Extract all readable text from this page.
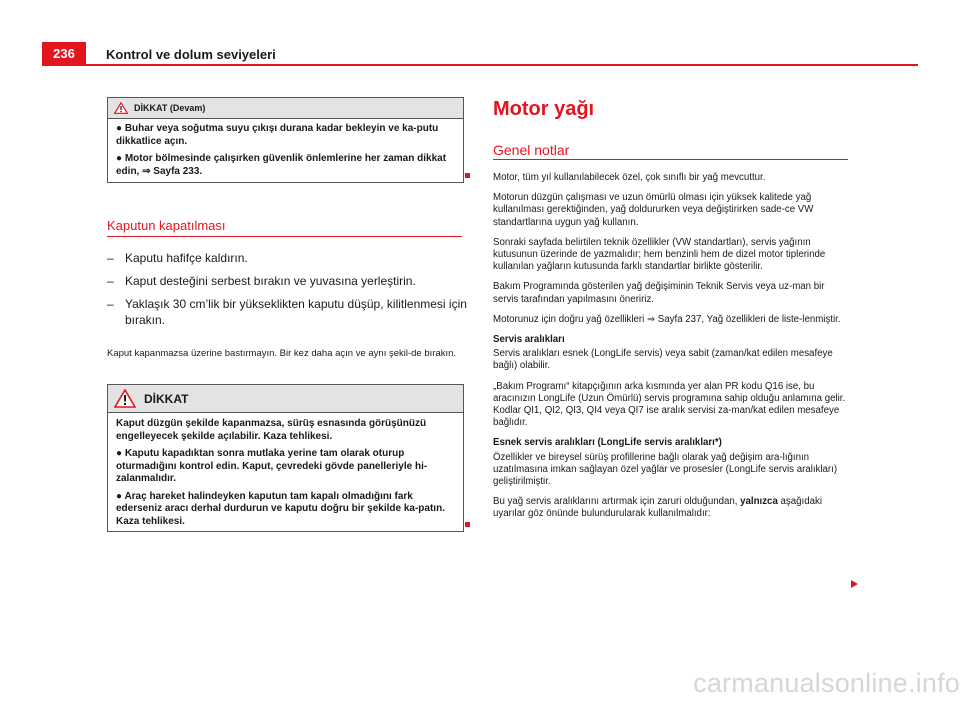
236	Kontrol ve dolum seviyeleri
DİKKAT (Devam)

● Buhar veya soğutma suyu çıkışı durana kadar bekleyin ve ka-putu dikkatlice açın.

● Motor bölmesinde çalışırken güvenlik önlemlerine her zaman dikkat edin, ⇒ Sayfa 233.

Kaputun kapatılması
– Kaputu hafifçe kaldırın.
– Kaput desteğini serbest bırakın ve yuvasına yerleştirin.
– Yaklaşık 30 cm’lik bir yükseklikten kaputu düşüp, kilitlenmesi için bırakın.
Kaput kapanmazsa üzerine bastırmayın. Bir kez daha açın ve aynı şekil-de bırakın.
DİKKAT

Kaput düzgün şekilde kapanmazsa, sürüş esnasında görüşünüzü engelleyecek şekilde açılabilir. Kaza tehlikesi.

● Kaputu kapadıktan sonra mutlaka yerine tam olarak oturup oturmadığını kontrol edin. Kaput, çevredeki gövde panelleriyle hi-zalanmalıdır.

● Araç hareket halindeyken kaputun tam kapalı olmadığını fark ederseniz aracı derhal durdurun ve kaputu doğru bir şekilde ka-patın. Kaza tehlikesi.

Motor yağı
Genel notlar

Motor, tüm yıl kullanılabilecek özel, çok sınıflı bir yağ mevcuttur.

Motorun düzgün çalışması ve uzun ömürlü olması için yüksek kalitede yağ kullanılması gerektiğinden, yağ doldururken veya değiştirirken sade-ce VW standartlarına uygun yağ kullanın.

Sonraki sayfada belirtilen teknik özellikler (VW standartları), servis yağının kutusunun üzerinde de yazmalıdır; hem benzinli hem de dizel motor tiplerinde kullanılan yağların kutusunda farklı standartlar birlikte gösterilir.

Bakım Programında gösterilen yağ değişiminin Teknik Servis veya uz-man bir servis tarafından yapılmasını öneririz.

Motorunuz için doğru yağ özellikleri ⇒ Sayfa 237, Yağ özellikleri de liste-lenmiştir.

Servis aralıkları

Servis aralıkları esnek (LongLife servis) veya sabit (zaman/kat edilen mesafeye bağlı) olabilir.

„Bakım Programı“ kitapçığının arka kısmında yer alan PR kodu Q16 ise, bu aracınızın LongLife (Uzun Ömürlü) servis programına sahip olduğu anlamına gelir. Kodlar QI1, QI2, QI3, QI4 veya QI7 ise aralık servisi za-man/kat edilen mesafeye bağlıdır.

Esnek servis aralıkları (LongLife servis aralıkları*)

Özellikler ve bireysel sürüş profillerine bağlı olarak yağ değişim ara-lığının uzatılmasına imkan sağlayan özel yağlar ve prosesler (LongLife servis aralıkları) geliştirilmiştir.

Bu yağ servis aralıklarını artırmak için zaruri olduğundan, yalnızca aşağıdaki uyarılar göz önünde bulundurularak kullanılmalıdır:

carmanualsonline.info
